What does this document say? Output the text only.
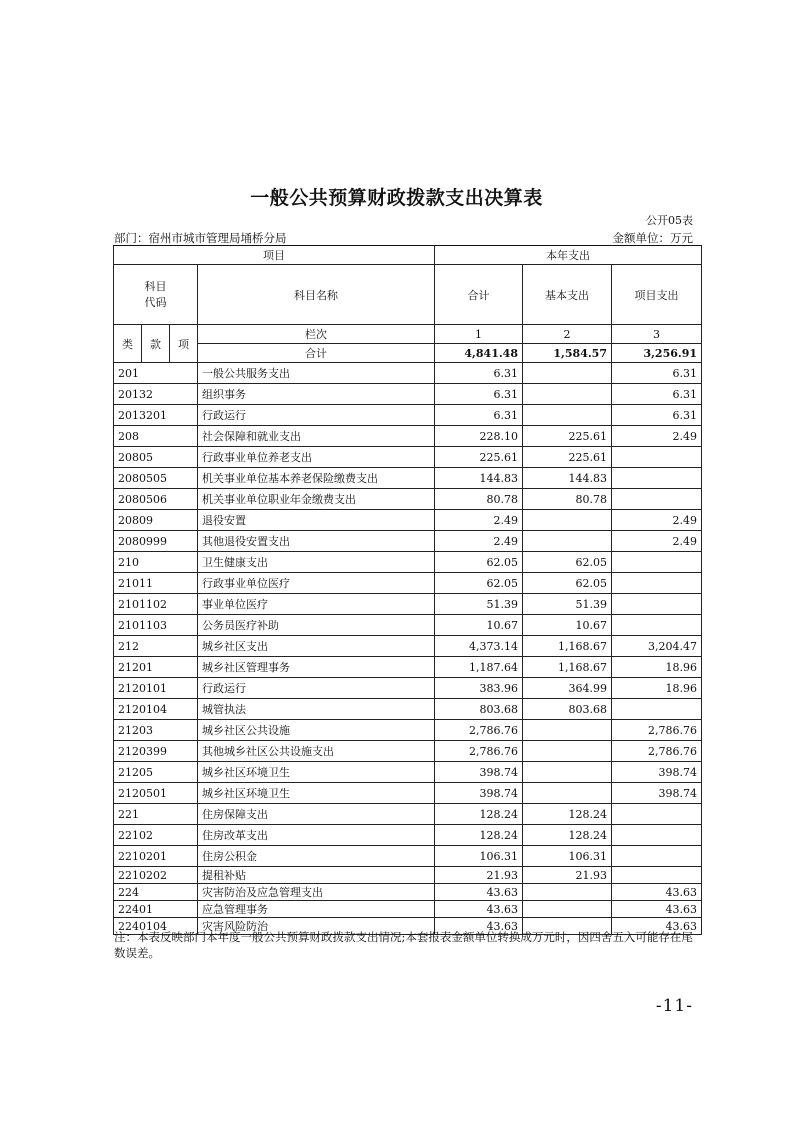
一般公共预算财政拨款支出决算表
公开05表
部门：宿州市城市管理局埇桥分局	金额单位：万元
项目				本年支出		

科目
代码			科目名称	合计	基本支出	项目支出
类	款	项	栏次	1	2	3
			合计	4,841.48	1,584.57	3,256.91
201			一般公共服务支出	6.31		6.31
20132			组织事务	6.31		6.31
2013201			行政运行	6.31		6.31
208			社会保障和就业支出	228.10	225.61	2.49
20805			行政事业单位养老支出	225.61	225.61	
2080505			机关事业单位基本养老保险缴费支出	144.83	144.83	
2080506			机关事业单位职业年金缴费支出	80.78	80.78	
20809			退役安置	2.49		2.49
2080999			其他退役安置支出	2.49		2.49
210			卫生健康支出	62.05	62.05	
21011			行政事业单位医疗	62.05	62.05	
2101102			事业单位医疗	51.39	51.39	
2101103			公务员医疗补助	10.67	10.67	
212			城乡社区支出	4,373.14	1,168.67	3,204.47
21201			城乡社区管理事务	1,187.64	1,168.67	18.96
2120101			行政运行	383.96	364.99	18.96
2120104			城管执法	803.68	803.68	
21203			城乡社区公共设施	2,786.76		2,786.76
2120399			其他城乡社区公共设施支出	2,786.76		2,786.76
21205			城乡社区环境卫生	398.74		398.74
2120501			城乡社区环境卫生	398.74		398.74
221			住房保障支出	128.24	128.24	
22102			住房改革支出	128.24	128.24	
2210201			住房公积金	106.31	106.31	
2210202			提租补贴	21.93	21.93	
224			灾害防治及应急管理支出	43.63		43.63
22401			应急管理事务	43.63		43.63
2240104			灾害风险防治	43.63		43.63
注：本表反映部门本年度一般公共预算财政拨款支出情况;本套报表金额单位转换成万元时，因四舍五入可能存在尾数误差。
-11-
